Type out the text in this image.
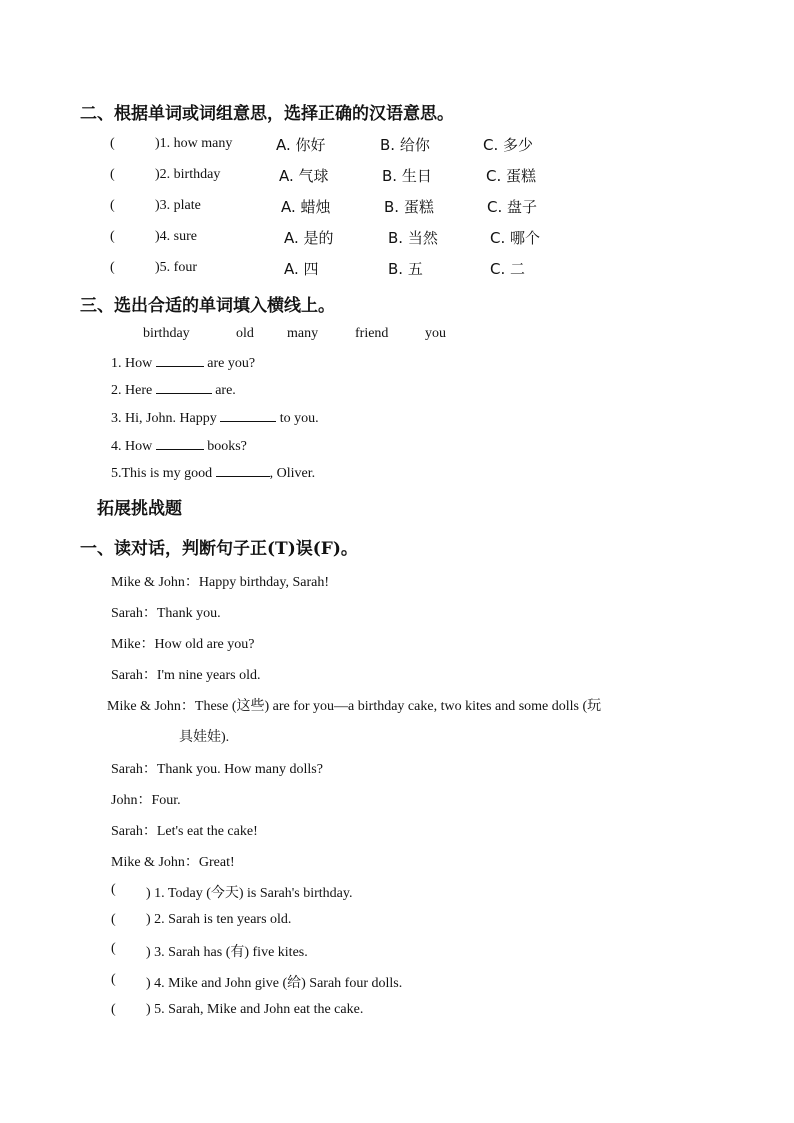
二、根据单词或词组意思，选择正确的汉语意思。
(	)1. how many	A. 你好	B. 给你	C. 多少
(	)2. birthday	A. 气球	B. 生日	C. 蛋糕
(	)3. plate	A. 蜡烛	B. 蛋糕	C. 盘子
(	)4. sure	A. 是的	B. 当然	C. 哪个
(	)5. four	A. 四	B. 五	C. 二
三、选出合适的单词填入横线上。
birthday	old many	friend	you
1. How	are you?
2. Here	are.
3. Hi, John. Happy	to you.
4. How	books?
5.This is my good	, Oliver.
拓展挑战题
一、读对话，判断句子正(T)误(F)。
Mike & John：Happy birthday, Sarah!
Sarah：Thank you.
Mike：How old are you?
Sarah：I'm nine years old.
Mike & John：These (这些) are for you—a birthday cake, two kites and some dolls (玩
具娃娃).
Sarah：Thank you. How many dolls?
John：Four.
Sarah：Let's eat the cake!
Mike & John：Great!
( ) 1. Today (今天) is Sarah's birthday.
( ) 2. Sarah is ten years old.
( ) 3. Sarah has (有) five kites.
( ) 4. Mike and John give (给) Sarah four dolls.
( ) 5. Sarah, Mike and John eat the cake.
